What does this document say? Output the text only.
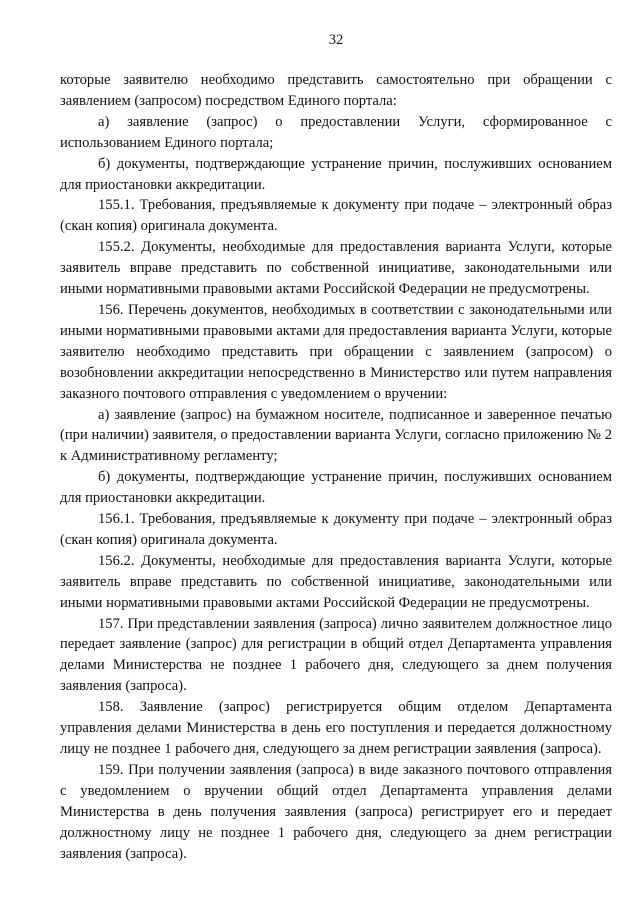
32

которые заявителю необходимо представить самостоятельно при обращении с заявлением (запросом) посредством Единого портала:

а) заявление (запрос) о предоставлении Услуги, сформированное с использованием Единого портала;

б) документы, подтверждающие устранение причин, послуживших основанием для приостановки аккредитации.

155.1. Требования, предъявляемые к документу при подаче – электронный образ (скан копия) оригинала документа.

155.2. Документы, необходимые для предоставления варианта Услуги, которые заявитель вправе представить по собственной инициативе, законодательными или иными нормативными правовыми актами Российской Федерации не предусмотрены.

156. Перечень документов, необходимых в соответствии с законодательными или иными нормативными правовыми актами для предоставления варианта Услуги, которые заявителю необходимо представить при обращении с заявлением (запросом) о возобновлении аккредитации непосредственно в Министерство или путем направления заказного почтового отправления с уведомлением о вручении:

а) заявление (запрос) на бумажном носителе, подписанное и заверенное печатью (при наличии) заявителя, о предоставлении варианта Услуги, согласно приложению № 2 к Административному регламенту;

б) документы, подтверждающие устранение причин, послуживших основанием для приостановки аккредитации.

156.1. Требования, предъявляемые к документу при подаче – электронный образ (скан копия) оригинала документа.

156.2. Документы, необходимые для предоставления варианта Услуги, которые заявитель вправе представить по собственной инициативе, законодательными или иными нормативными правовыми актами Российской Федерации не предусмотрены.

157. При представлении заявления (запроса) лично заявителем должностное лицо передает заявление (запрос) для регистрации в общий отдел Департамента управления делами Министерства не позднее 1 рабочего дня, следующего за днем получения заявления (запроса).

158. Заявление (запрос) регистрируется общим отделом Департамента управления делами Министерства в день его поступления и передается должностному лицу не позднее 1 рабочего дня, следующего за днем регистрации заявления (запроса).

159. При получении заявления (запроса) в виде заказного почтового отправления с уведомлением о вручении общий отдел Департамента управления делами Министерства в день получения заявления (запроса) регистрирует его и передает должностному лицу не позднее 1 рабочего дня, следующего за днем регистрации заявления (запроса).
